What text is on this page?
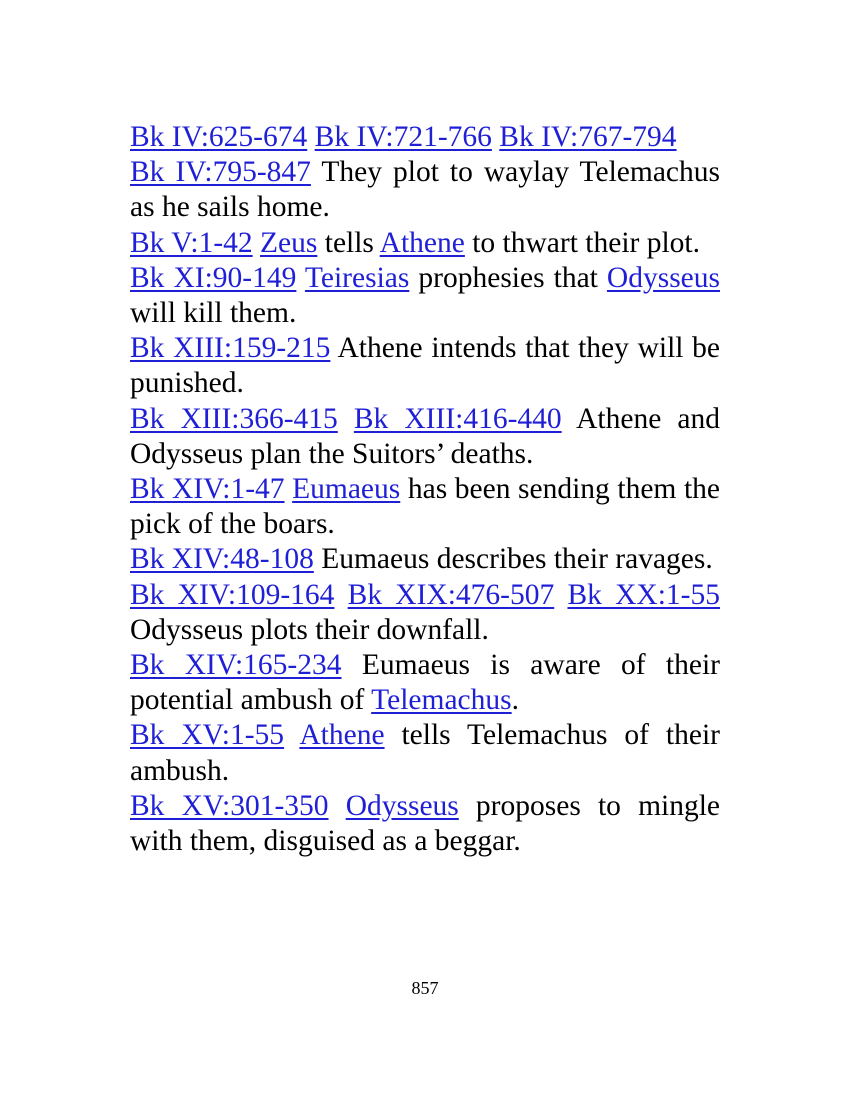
Bk IV:625-674 Bk IV:721-766 Bk IV:767-794

Bk IV:795-847 They plot to waylay Telemachus as he sails home.

Bk V:1-42 Zeus tells Athene to thwart their plot.

Bk XI:90-149 Teiresias prophesies that Odysseus will kill them.

Bk XIII:159-215 Athene intends that they will be punished.

Bk XIII:366-415 Bk XIII:416-440 Athene and Odysseus plan the Suitors’ deaths.

Bk XIV:1-47 Eumaeus has been sending them the pick of the boars.

Bk XIV:48-108 Eumaeus describes their ravages.

Bk XIV:109-164 Bk XIX:476-507 Bk XX:1-55 Odysseus plots their downfall.

Bk XIV:165-234 Eumaeus is aware of their potential ambush of Telemachus.

Bk XV:1-55 Athene tells Telemachus of their ambush.

Bk XV:301-350 Odysseus proposes to mingle with them, disguised as a beggar.

857
